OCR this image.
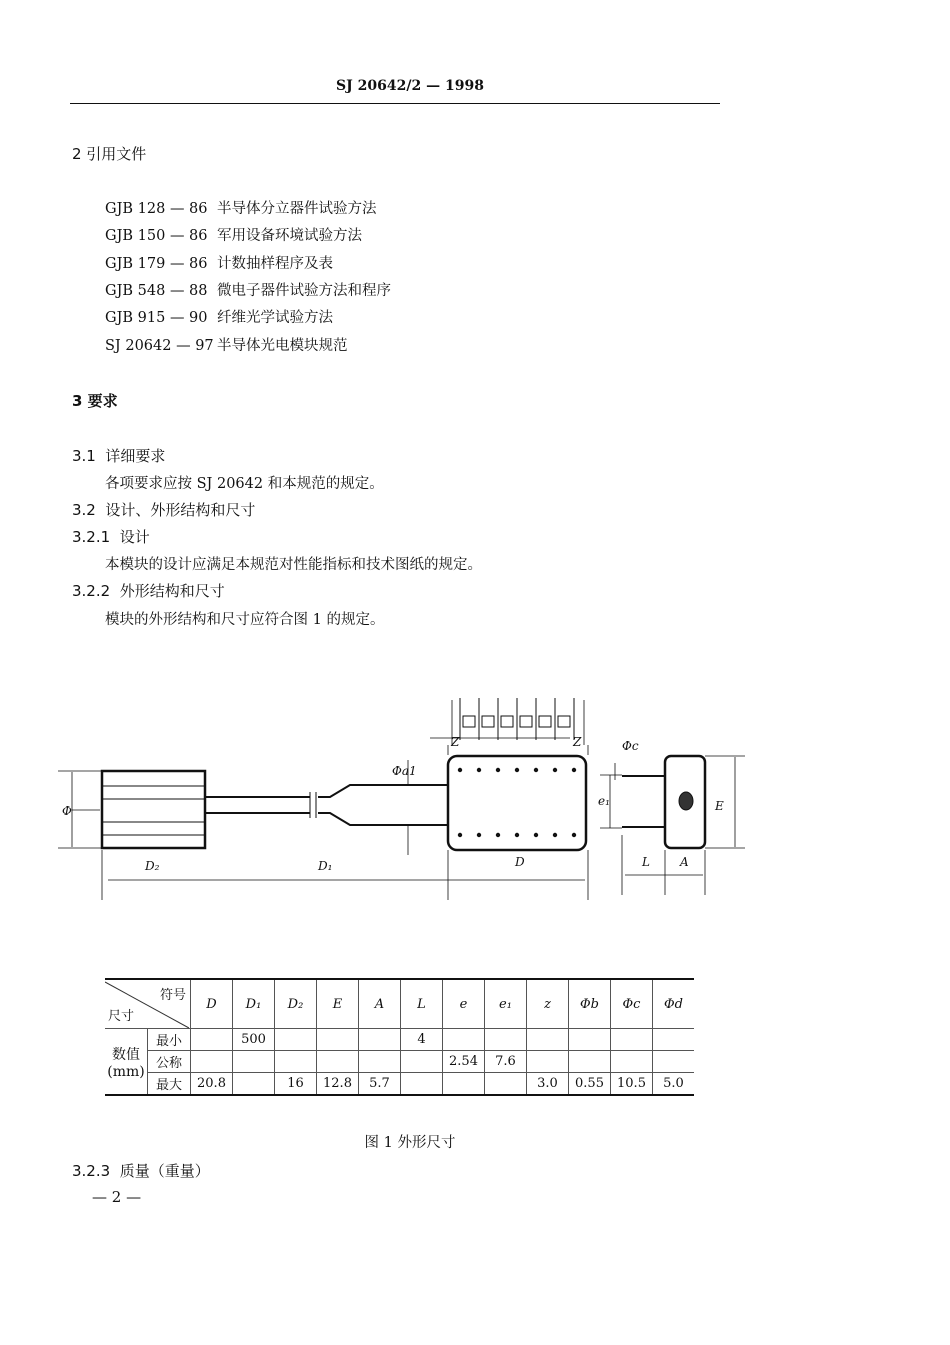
SJ 20642/2 — 1998
2 引用文件
GJB 128 — 86 半导体分立器件试验方法
GJB 150 — 86 军用设备环境试验方法
GJB 179 — 86 计数抽样程序及表
GJB 548 — 88 微电子器件试验方法和程序
GJB 915 — 90 纤维光学试验方法
SJ 20642 — 97 半导体光电模块规范
3 要求
3.1 详细要求
各项要求应按 SJ 20642 和本规范的规定。
3.2 设计、外形结构和尺寸
3.2.1 设计
本模块的设计应满足本规范对性能指标和技术图纸的规定。
3.2.2 外形结构和尺寸
模块的外形结构和尺寸应符合图 1 的规定。
Φ
D₂	D₁	D
Z	Z
Φa1
Φc
e₁	E
L	A
符号
尺寸		D	D₁	D₂	E	A	L	e	e₁	z	Φb	Φc	Φd

数值
(mm)	最小		500				4						
	公称							2.54	7.6				
	最大	20.8		16	12.8	5.7				3.0	0.55	10.5	5.0
图 1 外形尺寸
3.2.3 质量（重量）
— 2 —
